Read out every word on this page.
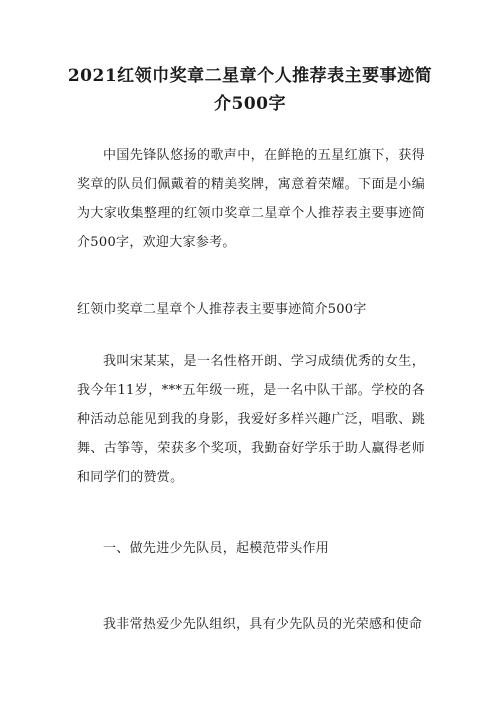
2021红领巾奖章二星章个人推荐表主要事迹简介500字
中国先锋队悠扬的歌声中，在鲜艳的五星红旗下，获得奖章的队员们佩戴着的精美奖牌，寓意着荣耀。下面是小编为大家收集整理的红领巾奖章二星章个人推荐表主要事迹简介500字，欢迎大家参考。
红领巾奖章二星章个人推荐表主要事迹简介500字
我叫宋某某，是一名性格开朗、学习成绩优秀的女生，我今年11岁，***五年级一班，是一名中队干部。学校的各种活动总能见到我的身影，我爱好多样兴趣广泛，唱歌、跳舞、古筝等，荣获多个奖项，我勤奋好学乐于助人赢得老师和同学们的赞赏。
一、做先进少先队员，起模范带头作用
我非常热爱少先队组织，具有少先队员的光荣感和使命
